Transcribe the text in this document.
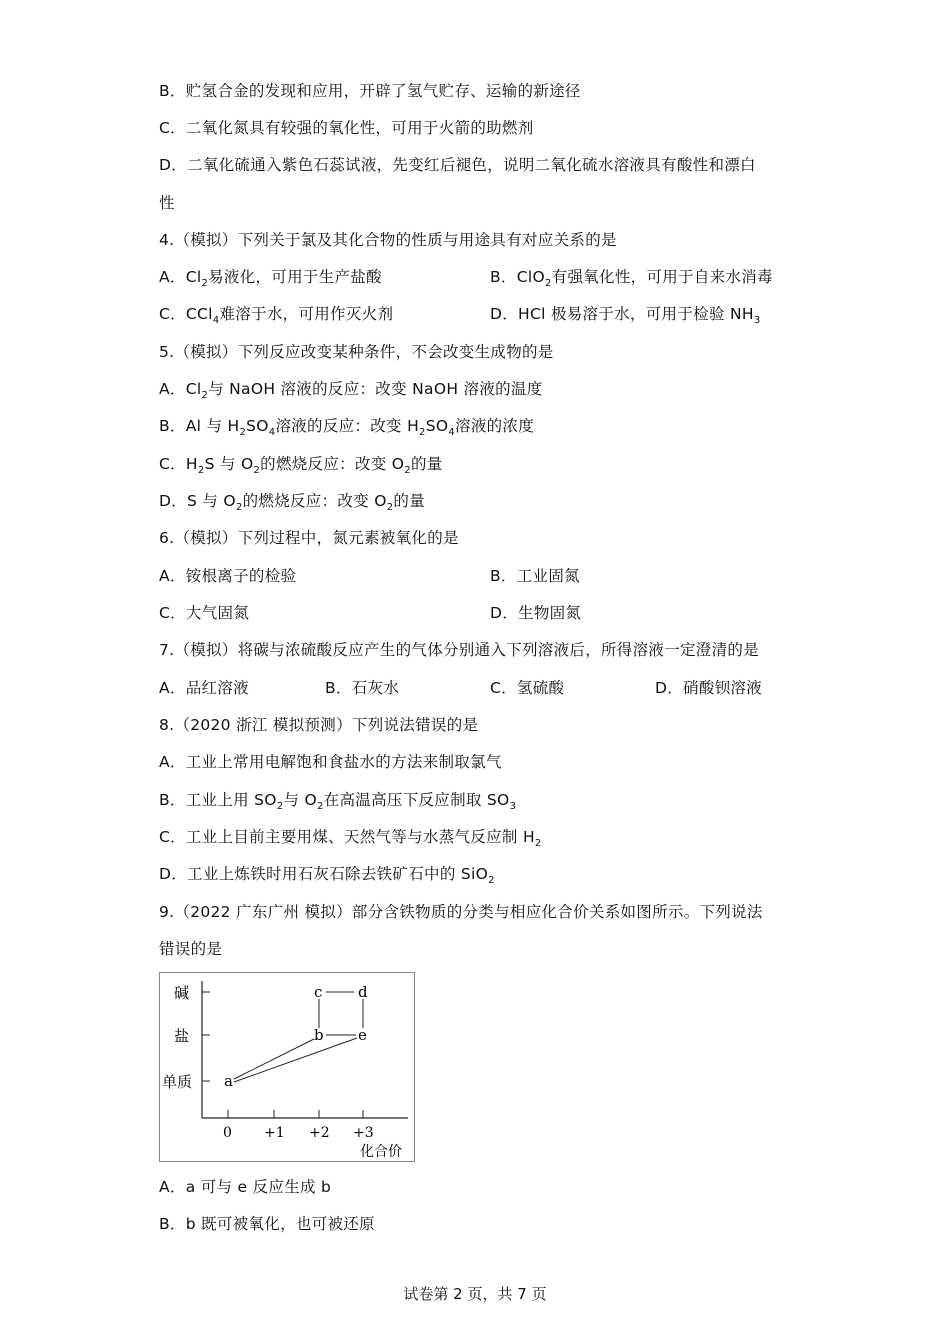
B．贮氢合金的发现和应用，开辟了氢气贮存、运输的新途径
C．二氧化氮具有较强的氧化性，可用于火箭的助燃剂
D．二氧化硫通入紫色石蕊试液，先变红后褪色，说明二氧化硫水溶液具有酸性和漂白
性
4.（模拟）下列关于氯及其化合物的性质与用途具有对应关系的是
A．$Cl_2$易液化，可用于生产盐酸	B．ClO$_2$有强氧化性，可用于自来水消毒
C．CCl$_4$难溶于水，可用作灭火剂	D．HCl 极易溶于水，可用于检验 $NH_3$
5.（模拟）下列反应改变某种条件，不会改变生成物的是
A．$Cl_2$与 NaOH 溶液的反应：改变 NaOH 溶液的温度
B．Al 与 $H_2SO_4$溶液的反应：改变 $H_2SO_4$溶液的浓度
C．$H_2S$ 与 $O_2$的燃烧反应：改变 $O_2$的量
D．S 与 $O_2$的燃烧反应：改变 $O_2$的量
6.（模拟）下列过程中，氮元素被氧化的是
A．铵根离子的检验	B．工业固氮
C．大气固氮	D．生物固氮
7.（模拟）将碳与浓硫酸反应产生的气体分别通入下列溶液后，所得溶液一定澄清的是
A．品红溶液	B．石灰水	C．氢硫酸	D．硝酸钡溶液
8.（2020 浙江 模拟预测）下列说法错误的是
A．工业上常用电解饱和食盐水的方法来制取氯气
B．工业上用 $SO_2$与 $O_2$在高温高压下反应制取 $SO_3$
C．工业上目前主要用煤、天然气等与水蒸气反应制 $H_2$
D．工业上炼铁时用石灰石除去铁矿石中的 SiO$_2$
9.（2022 广东广州 模拟）部分含铁物质的分类与相应化合价关系如图所示。下列说法
错误的是
碱
盐
单质
0 +1 +2 +3
化合价
a
b
c d
e
A．a 可与 e 反应生成 b
B．b 既可被氧化，也可被还原
试卷第 2 页，共 7 页
